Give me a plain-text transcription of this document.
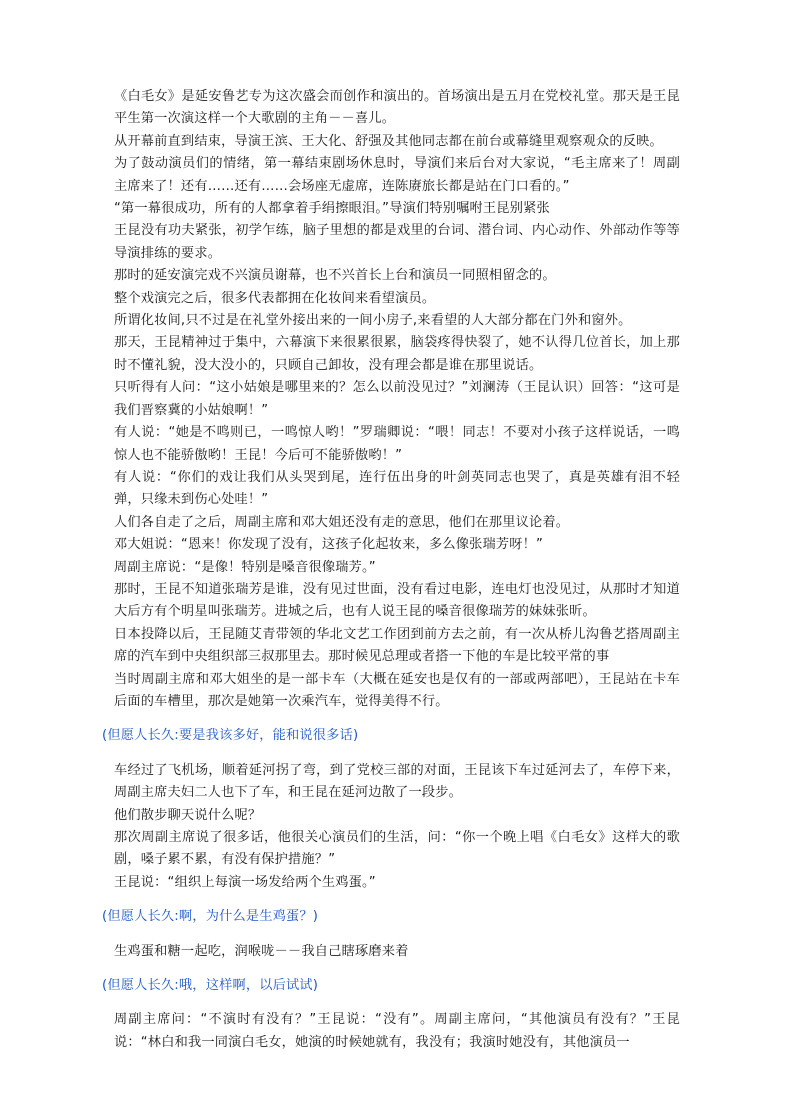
《白毛女》是延安鲁艺专为这次盛会而创作和演出的。首场演出是五月在党校礼堂。那天是王昆平生第一次演这样一个大歌剧的主角－－喜儿。

从开幕前直到结束，导演王滨、王大化、舒强及其他同志都在前台或幕缝里观察观众的反映。

为了鼓动演员们的情绪，第一幕结束剧场休息时，导演们来后台对大家说，“毛主席来了！周副主席来了！还有……还有……会场座无虚席，连陈赓旅长都是站在门口看的。”

“第一幕很成功，所有的人都拿着手绢擦眼泪。”导演们特别嘱咐王昆别紧张

王昆没有功夫紧张，初学乍练，脑子里想的都是戏里的台词、潜台词、内心动作、外部动作等等导演排练的要求。

那时的延安演完戏不兴演员谢幕，也不兴首长上台和演员一同照相留念的。

整个戏演完之后，很多代表都拥在化妆间来看望演员。

所谓化妆间,只不过是在礼堂外接出来的一间小房子,来看望的人大部分都在门外和窗外。

那天，王昆精神过于集中，六幕演下来很累很累，脑袋疼得快裂了，她不认得几位首长，加上那时不懂礼貌，没大没小的，只顾自己卸妆，没有理会都是谁在那里说话。

只听得有人问：“这小姑娘是哪里来的？怎么以前没见过？”刘澜涛（王昆认识）回答：“这可是我们晋察冀的小姑娘啊！”

有人说：“她是不鸣则已，一鸣惊人哟！”罗瑞卿说：“喂！同志！不要对小孩子这样说话，一鸣惊人也不能骄傲哟！王昆！今后可不能骄傲哟！”

有人说：“你们的戏让我们从头哭到尾，连行伍出身的叶剑英同志也哭了，真是英雄有泪不轻弹，只缘未到伤心处哇！”

人们各自走了之后，周副主席和邓大姐还没有走的意思，他们在那里议论着。

邓大姐说：“恩来！你发现了没有，这孩子化起妆来，多么像张瑞芳呀！”

周副主席说：“是像！特别是嗓音很像瑞芳。”

那时，王昆不知道张瑞芳是谁，没有见过世面，没有看过电影，连电灯也没见过，从那时才知道大后方有个明星叫张瑞芳。进城之后，也有人说王昆的嗓音很像瑞芳的妹妹张昕。

日本投降以后，王昆随艾青带领的华北文艺工作团到前方去之前，有一次从桥儿沟鲁艺搭周副主席的汽车到中央组织部三叔那里去。那时候见总理或者搭一下他的车是比较平常的事

当时周副主席和邓大姐坐的是一部卡车（大概在延安也是仅有的一部或两部吧），王昆站在卡车后面的车槽里，那次是她第一次乘汽车，觉得美得不行。

(但愿人长久:要是我该多好，能和说很多话)

车经过了飞机场，顺着延河拐了弯，到了党校三部的对面，王昆该下车过延河去了，车停下来，周副主席夫妇二人也下了车，和王昆在延河边散了一段步。

他们散步聊天说什么呢？

那次周副主席说了很多话，他很关心演员们的生活，问：“你一个晚上唱《白毛女》这样大的歌剧，嗓子累不累，有没有保护措施？”

王昆说：“组织上每演一场发给两个生鸡蛋。”

(但愿人长久:啊，为什么是生鸡蛋？)

生鸡蛋和糖一起吃，润喉咙－－我自己瞎琢磨来着

(但愿人长久:哦，这样啊，以后试试)

周副主席问：“不演时有没有？”王昆说：“没有”。周副主席问，“其他演员有没有？”王昆说：“林白和我一同演白毛女，她演的时候她就有，我没有；我演时她没有，其他演员一
